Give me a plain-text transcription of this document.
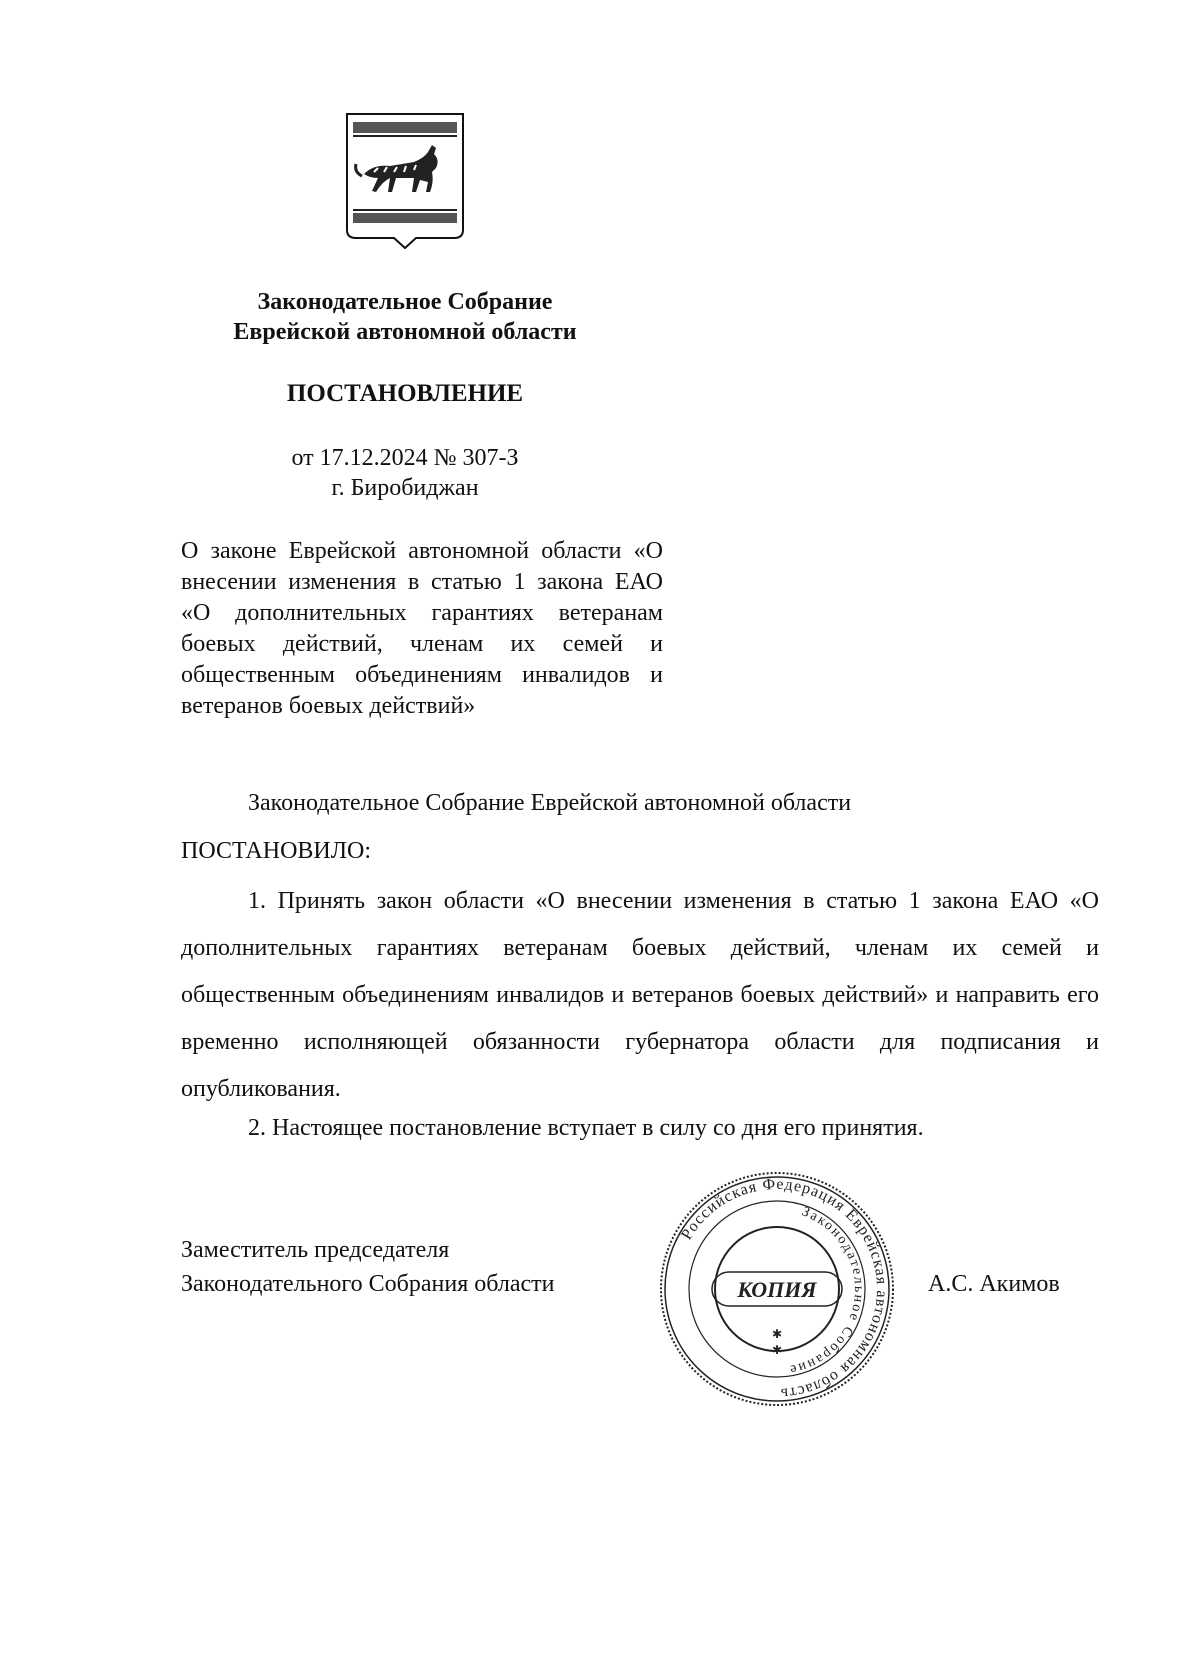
Законодательное Собрание
Еврейской автономной области
ПОСТАНОВЛЕНИЕ
от 17.12.2024 № 307-З
г. Биробиджан

О законе Еврейской автономной области «О внесении изменения в статью 1 закона ЕАО «О дополнительных гарантиях ветеранам боевых действий, членам их семей и общественным объединениям инвалидов и ветеранов боевых действий»

Законодательное Собрание Еврейской автономной области
ПОСТАНОВИЛО:

1. Принять закон области «О внесении изменения в статью 1 закона ЕАО «О дополнительных гарантиях ветеранам боевых действий, членам их семей и общественным объединениям инвалидов и ветеранов боевых действий» и направить его временно исполняющей обязанности губернатора области для подписания и опубликования.

2. Настоящее постановление вступает в силу со дня его принятия.
Заместитель председателя
Законодательного Собрания области	А.С. Акимов
Российская Федерация Еврейская автономная область
Законодательное Собрание
КОПИЯ
✱
✱
